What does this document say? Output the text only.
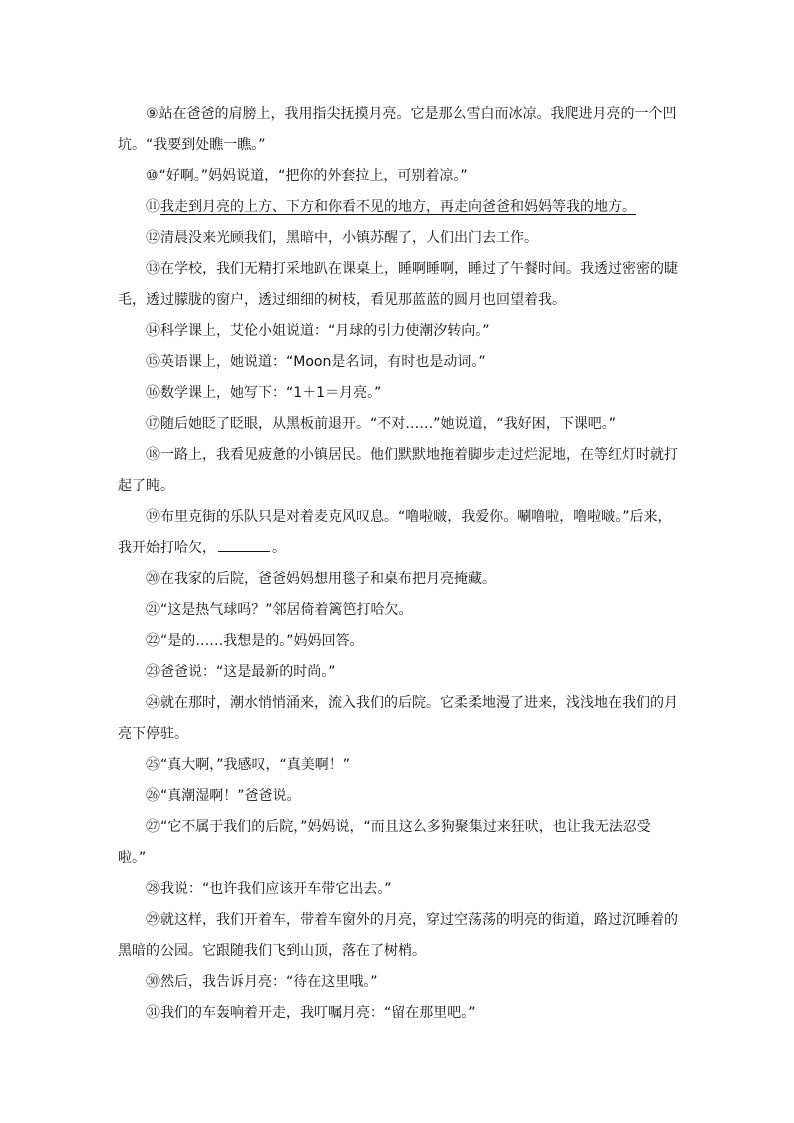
⑨站在爸爸的肩膀上，我用指尖抚摸月亮。它是那么雪白而冰凉。我爬进月亮的一个凹坑。“我要到处瞧一瞧。”

⑩“好啊。”妈妈说道，“把你的外套拉上，可别着凉。”

⑪我走到月亮的上方、下方和你看不见的地方，再走向爸爸和妈妈等我的地方。

⑫清晨没来光顾我们，黑暗中，小镇苏醒了，人们出门去工作。

⑬在学校，我们无精打采地趴在课桌上，睡啊睡啊，睡过了午餐时间。我透过密密的睫毛，透过朦胧的窗户，透过细细的树枝，看见那蓝蓝的圆月也回望着我。

⑭科学课上，艾伦小姐说道：“月球的引力使潮汐转向。”

⑮英语课上，她说道：“Moon是名词，有时也是动词。”

⑯数学课上，她写下：“1＋1＝月亮。”

⑰随后她眨了眨眼，从黑板前退开。“不对……”她说道，“我好困，下课吧。”

⑱一路上，我看见疲惫的小镇居民。他们默默地拖着脚步走过烂泥地，在等红灯时就打起了盹。

⑲布里克街的乐队只是对着麦克风叹息。“噜啦啵，我爱你。唰噜啦，噜啦啵。”后来，我开始打哈欠，	。

⑳在我家的后院，爸爸妈妈想用毯子和桌布把月亮掩藏。

㉑“这是热气球吗？”邻居倚着篱笆打哈欠。

㉒“是的……我想是的。”妈妈回答。

㉓爸爸说：“这是最新的时尚。”

㉔就在那时，潮水悄悄涌来，流入我们的后院。它柔柔地漫了进来，浅浅地在我们的月亮下停驻。

㉕“真大啊，”我感叹，“真美啊！”

㉖“真潮湿啊！”爸爸说。

㉗“它不属于我们的后院，”妈妈说，“而且这么多狗聚集过来狂吠，也让我无法忍受啦。”

㉘我说：“也许我们应该开车带它出去。”

㉙就这样，我们开着车，带着车窗外的月亮，穿过空荡荡的明亮的街道，路过沉睡着的黑暗的公园。它跟随我们飞到山顶，落在了树梢。

㉚然后，我告诉月亮：“待在这里哦。”

㉛我们的车轰响着开走，我叮嘱月亮：“留在那里吧。”
